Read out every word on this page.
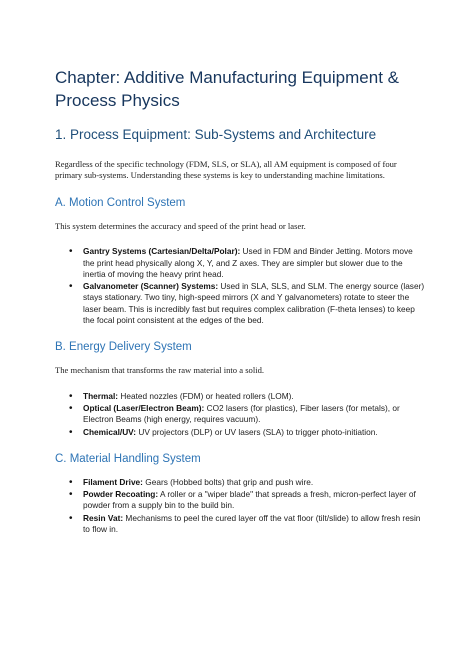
Chapter: Additive Manufacturing Equipment & Process Physics
1. Process Equipment: Sub-Systems and Architecture

Regardless of the specific technology (FDM, SLS, or SLA), all AM equipment is composed of four primary sub-systems. Understanding these systems is key to understanding machine limitations.

A. Motion Control System

This system determines the accuracy and speed of the print head or laser.

• Gantry Systems (Cartesian/Delta/Polar): Used in FDM and Binder Jetting. Motors move the print head physically along X, Y, and Z axes. They are simpler but slower due to the inertia of moving the heavy print head.
• Galvanometer (Scanner) Systems: Used in SLA, SLS, and SLM. The energy source (laser) stays stationary. Two tiny, high-speed mirrors (X and Y galvanometers) rotate to steer the laser beam. This is incredibly fast but requires complex calibration (F-theta lenses) to keep the focal point consistent at the edges of the bed.
B. Energy Delivery System

The mechanism that transforms the raw material into a solid.

• Thermal: Heated nozzles (FDM) or heated rollers (LOM).
• Optical (Laser/Electron Beam): CO2 lasers (for plastics), Fiber lasers (for metals), or Electron Beams (high energy, requires vacuum).
• Chemical/UV: UV projectors (DLP) or UV lasers (SLA) to trigger photo-initiation.
C. Material Handling System
• Filament Drive: Gears (Hobbed bolts) that grip and push wire.
• Powder Recoating: A roller or a "wiper blade" that spreads a fresh, micron-perfect layer of powder from a supply bin to the build bin.
• Resin Vat: Mechanisms to peel the cured layer off the vat floor (tilt/slide) to allow fresh resin to flow in.
